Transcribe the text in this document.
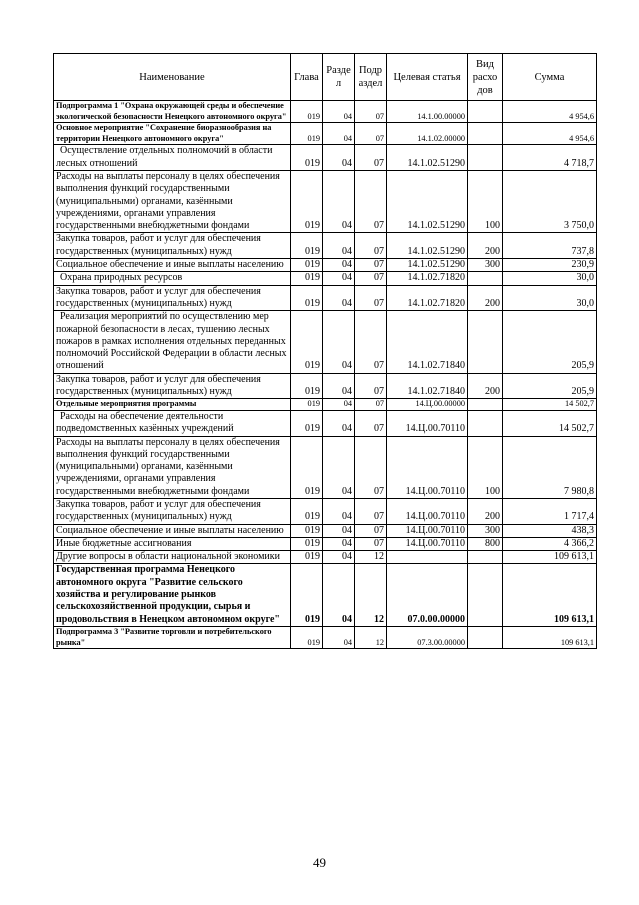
Наименование	Глава	Разде л	Подр аздел	Целевая статья	Вид расхо дов	Сумма
Подпрограмма 1 "Охрана окружающей среды и обеспечение экологической безопасности Ненецкого автономного округа"	019	04	07	14.1.00.00000		4 954,6
Основное мероприятие "Сохранение биоразнообразия на территории Ненецкого автономного округа"	019	04	07	14.1.02.00000		4 954,6
Осуществление отдельных полномочий в области лесных отношений	019	04	07	14.1.02.51290		4 718,7
Расходы на выплаты персоналу в целях обеспечения выполнения функций государственными (муниципальными) органами, казёнными учреждениями, органами управления государственными внебюджетными фондами	019	04	07	14.1.02.51290	100	3 750,0
Закупка товаров, работ и услуг для обеспечения государственных (муниципальных) нужд	019	04	07	14.1.02.51290	200	737,8
Социальное обеспечение и иные выплаты населению	019	04	07	14.1.02.51290	300	230,9
Охрана природных ресурсов	019	04	07	14.1.02.71820		30,0
Закупка товаров, работ и услуг для обеспечения государственных (муниципальных) нужд	019	04	07	14.1.02.71820	200	30,0
Реализация мероприятий по осуществлению мер пожарной безопасности в лесах, тушению лесных пожаров в рамках исполнения отдельных переданных полномочий Российской Федерации в области лесных отношений	019	04	07	14.1.02.71840		205,9
Закупка товаров, работ и услуг для обеспечения государственных (муниципальных) нужд	019	04	07	14.1.02.71840	200	205,9
Отдельные мероприятия программы	019	04	07	14.Ц.00.00000		14 502,7
Расходы на обеспечение деятельности подведомственных казённых учреждений	019	04	07	14.Ц.00.70110		14 502,7
Расходы на выплаты персоналу в целях обеспечения выполнения функций государственными (муниципальными) органами, казёнными учреждениями, органами управления государственными внебюджетными фондами	019	04	07	14.Ц.00.70110	100	7 980,8
Закупка товаров, работ и услуг для обеспечения государственных (муниципальных) нужд	019	04	07	14.Ц.00.70110	200	1 717,4
Социальное обеспечение и иные выплаты населению	019	04	07	14.Ц.00.70110	300	438,3
Иные бюджетные ассигнования	019	04	07	14.Ц.00.70110	800	4 366,2
Другие вопросы в области национальной экономики	019	04	12			109 613,1
Государственная программа Ненецкого автономного округа "Развитие сельского хозяйства и регулирование рынков сельскохозяйственной продукции, сырья и продовольствия в Ненецком автономном округе"	019	04	12	07.0.00.00000		109 613,1
Подпрограмма 3 "Развитие торговли и потребительского рынка"	019	04	12	07.3.00.00000		109 613,1
49
